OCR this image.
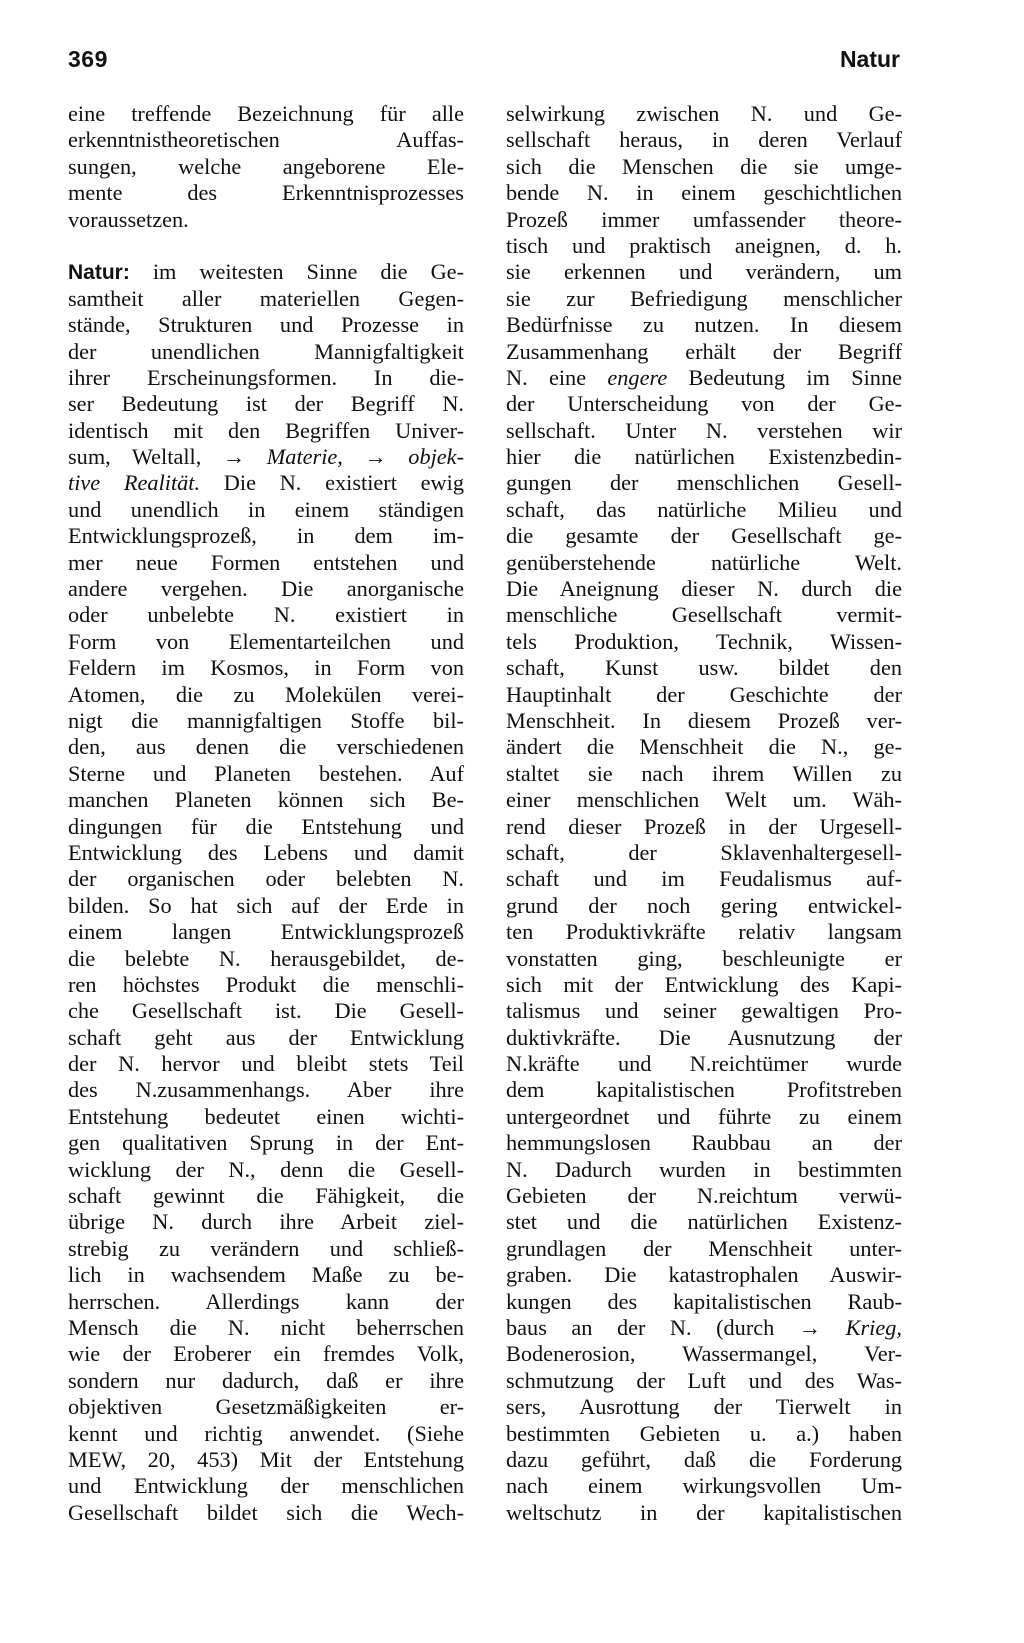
369	Natur
eine treffende Bezeichnung für alle
erkenntnistheoretischen Auffas-
sungen, welche angeborene Ele-
mente des Erkenntnisprozesses
voraussetzen.
Natur: im weitesten Sinne die Ge-
samtheit aller materiellen Gegen-
stände, Strukturen und Prozesse in
der unendlichen Mannigfaltigkeit
ihrer Erscheinungsformen. In die-
ser Bedeutung ist der Begriff N.
identisch mit den Begriffen Univer-
sum, Weltall, → Materie, → objek-
tive Realität. Die N. existiert ewig
und unendlich in einem ständigen
Entwicklungsprozeß, in dem im-
mer neue Formen entstehen und
andere vergehen. Die anorganische
oder unbelebte N. existiert in
Form von Elementarteilchen und
Feldern im Kosmos, in Form von
Atomen, die zu Molekülen verei-
nigt die mannigfaltigen Stoffe bil-
den, aus denen die verschiedenen
Sterne und Planeten bestehen. Auf
manchen Planeten können sich Be-
dingungen für die Entstehung und
Entwicklung des Lebens und damit
der organischen oder belebten N.
bilden. So hat sich auf der Erde in
einem langen Entwicklungsprozeß
die belebte N. herausgebildet, de-
ren höchstes Produkt die menschli-
che Gesellschaft ist. Die Gesell-
schaft geht aus der Entwicklung
der N. hervor und bleibt stets Teil
des N.zusammenhangs. Aber ihre
Entstehung bedeutet einen wichti-
gen qualitativen Sprung in der Ent-
wicklung der N., denn die Gesell-
schaft gewinnt die Fähigkeit, die
übrige N. durch ihre Arbeit ziel-
strebig zu verändern und schließ-
lich in wachsendem Maße zu be-
herrschen. Allerdings kann der
Mensch die N. nicht beherrschen
wie der Eroberer ein fremdes Volk,
sondern nur dadurch, daß er ihre
objektiven Gesetzmäßigkeiten er-
kennt und richtig anwendet. (Siehe
MEW, 20, 453) Mit der Entstehung
und Entwicklung der menschlichen
Gesellschaft bildet sich die Wech-
selwirkung zwischen N. und Ge-
sellschaft heraus, in deren Verlauf
sich die Menschen die sie umge-
bende N. in einem geschichtlichen
Prozeß immer umfassender theore-
tisch und praktisch aneignen, d. h.
sie erkennen und verändern, um
sie zur Befriedigung menschlicher
Bedürfnisse zu nutzen. In diesem
Zusammenhang erhält der Begriff
N. eine engere Bedeutung im Sinne
der Unterscheidung von der Ge-
sellschaft. Unter N. verstehen wir
hier die natürlichen Existenzbedin-
gungen der menschlichen Gesell-
schaft, das natürliche Milieu und
die gesamte der Gesellschaft ge-
genüberstehende natürliche Welt.
Die Aneignung dieser N. durch die
menschliche Gesellschaft vermit-
tels Produktion, Technik, Wissen-
schaft, Kunst usw. bildet den
Hauptinhalt der Geschichte der
Menschheit. In diesem Prozeß ver-
ändert die Menschheit die N., ge-
staltet sie nach ihrem Willen zu
einer menschlichen Welt um. Wäh-
rend dieser Prozeß in der Urgesell-
schaft, der Sklavenhaltergesell-
schaft und im Feudalismus auf-
grund der noch gering entwickel-
ten Produktivkräfte relativ langsam
vonstatten ging, beschleunigte er
sich mit der Entwicklung des Kapi-
talismus und seiner gewaltigen Pro-
duktivkräfte. Die Ausnutzung der
N.kräfte und N.reichtümer wurde
dem kapitalistischen Profitstreben
untergeordnet und führte zu einem
hemmungslosen Raubbau an der
N. Dadurch wurden in bestimmten
Gebieten der N.reichtum verwü-
stet und die natürlichen Existenz-
grundlagen der Menschheit unter-
graben. Die katastrophalen Auswir-
kungen des kapitalistischen Raub-
baus an der N. (durch → Krieg,
Bodenerosion, Wassermangel, Ver-
schmutzung der Luft und des Was-
sers, Ausrottung der Tierwelt in
bestimmten Gebieten u. a.) haben
dazu geführt, daß die Forderung
nach einem wirkungsvollen Um-
weltschutz in der kapitalistischen
